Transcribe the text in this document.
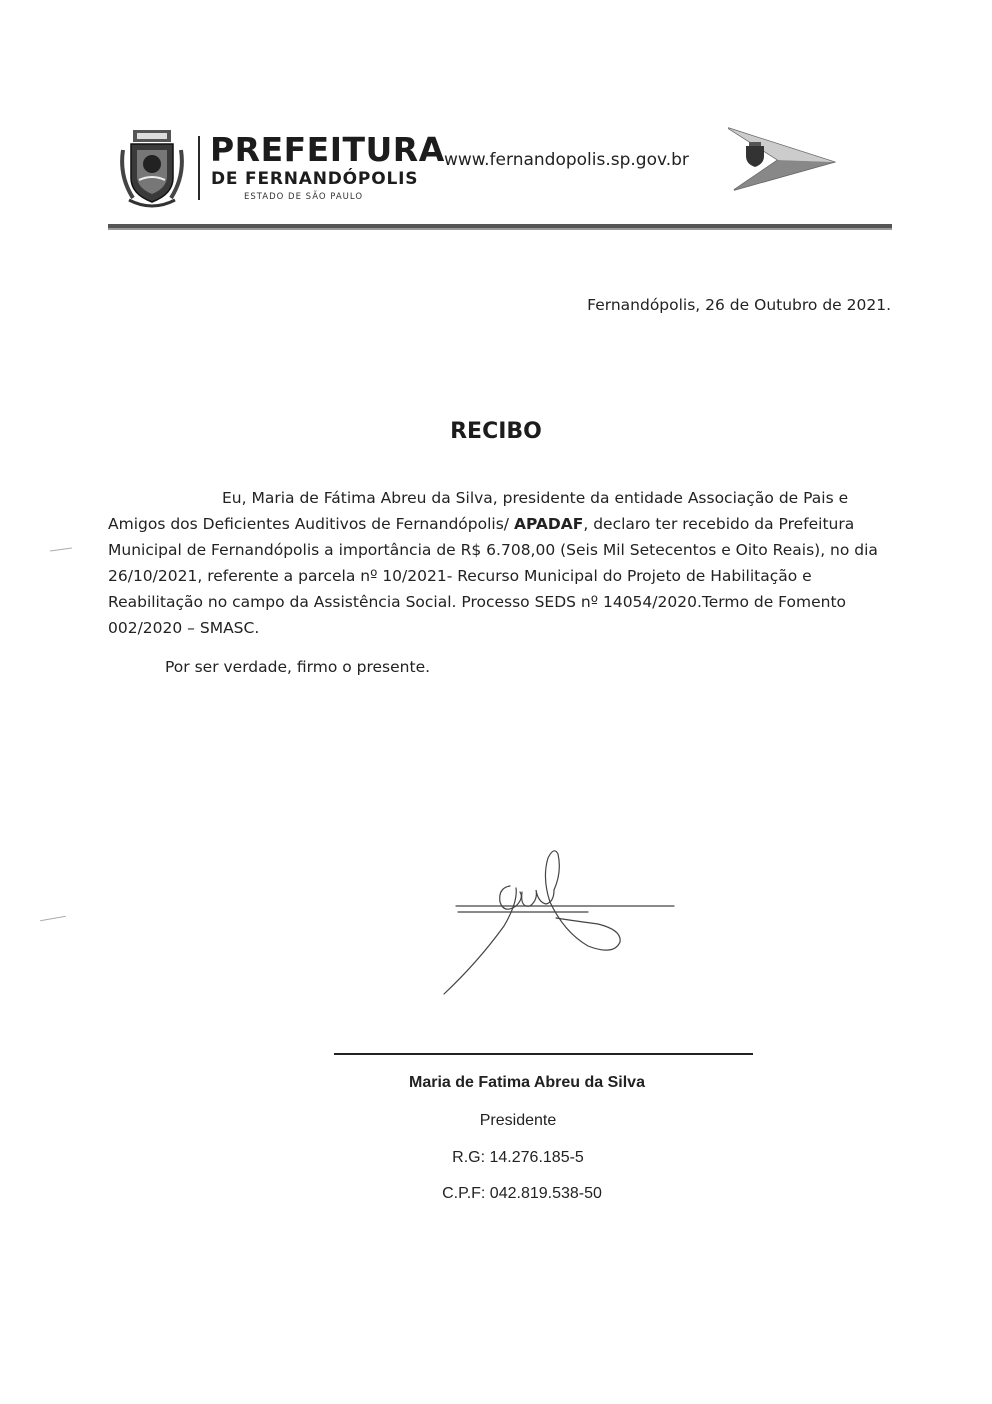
PREFEITURA
DE FERNANDÓPOLIS
ESTADO DE SÃO PAULO
www.fernandopolis.sp.gov.br
Fernandópolis, 26 de Outubro de 2021.
RECIBO
Eu, Maria de Fátima Abreu da Silva, presidente da entidade Associação de Pais e Amigos dos Deficientes Auditivos de Fernandópolis/ APADAF, declaro ter recebido da Prefeitura Municipal de Fernandópolis a importância de R$ 6.708,00 (Seis Mil Setecentos e Oito Reais), no dia 26/10/2021, referente a parcela nº 10/2021- Recurso Municipal do Projeto de Habilitação e Reabilitação no campo da Assistência Social. Processo SEDS nº 14054/2020.Termo de Fomento 002/2020 – SMASC.
Por ser verdade, firmo o presente.
Maria de Fatima Abreu da Silva
Presidente
R.G: 14.276.185-5
C.P.F: 042.819.538-50
